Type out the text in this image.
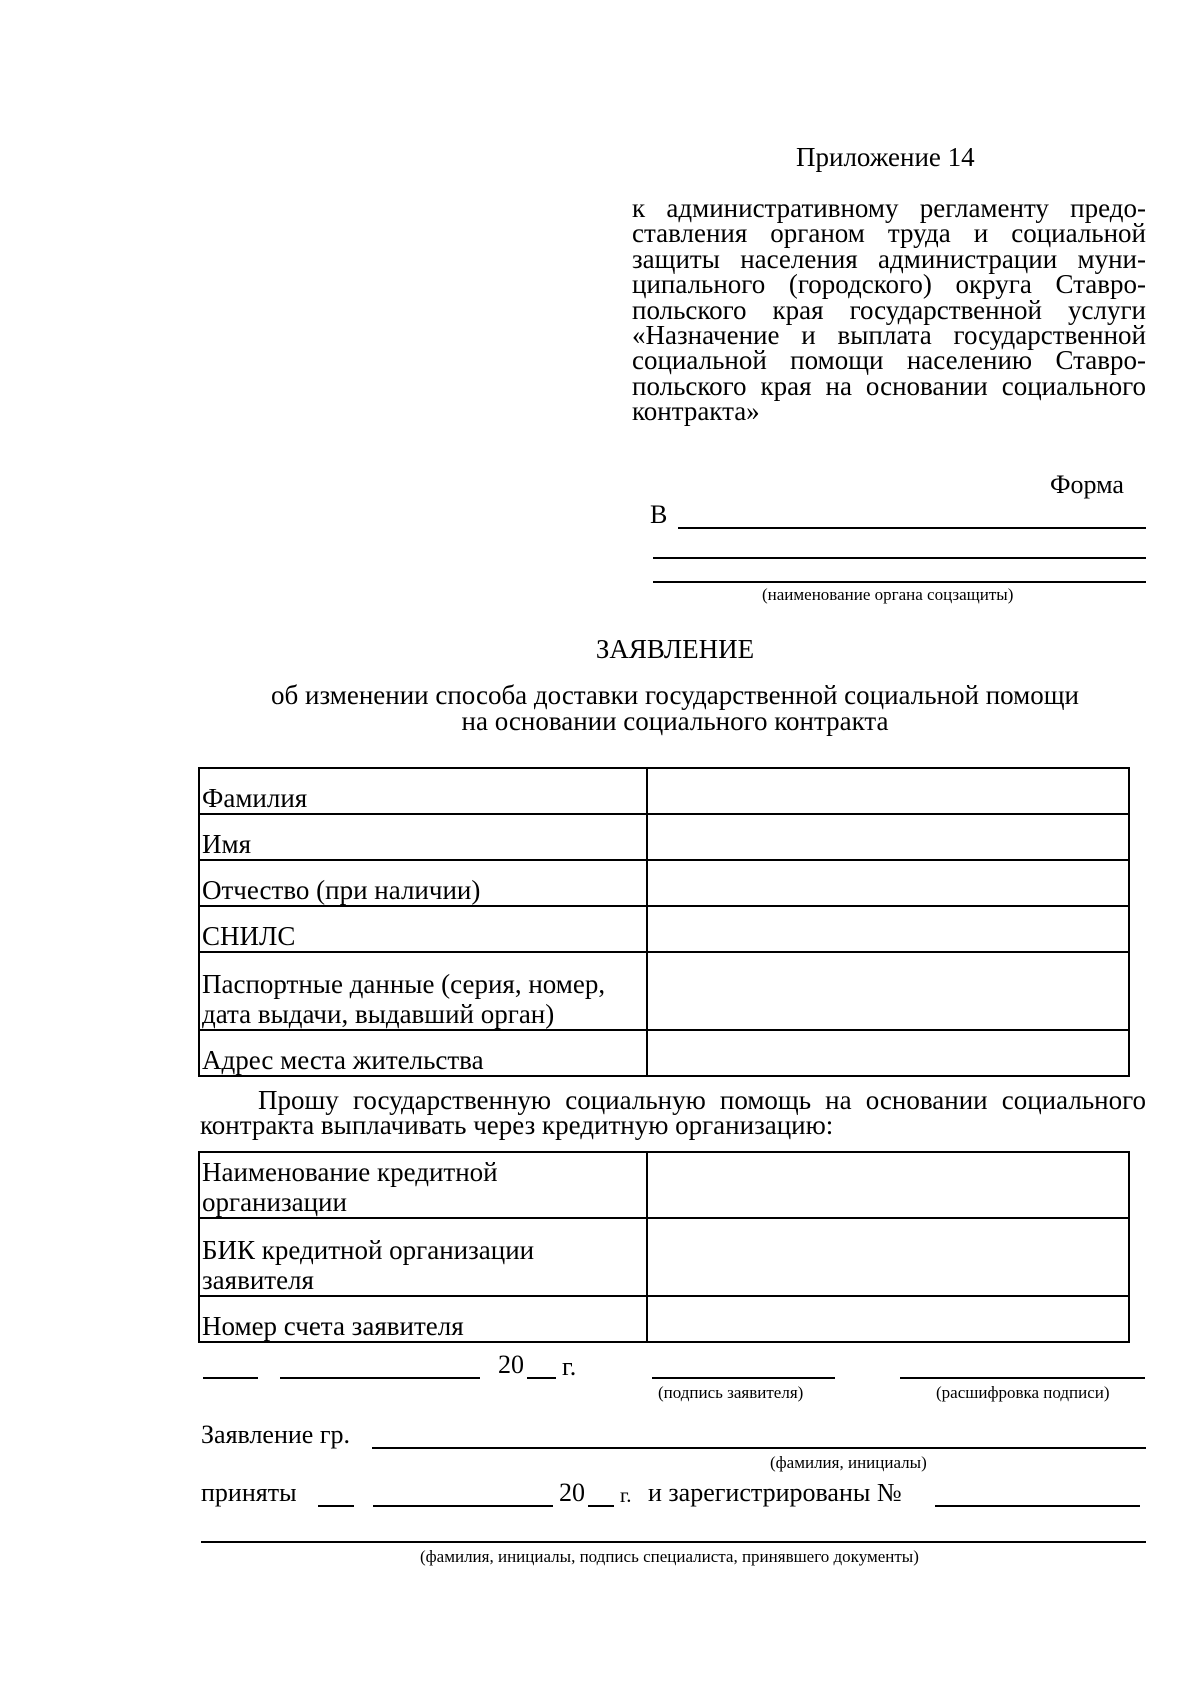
Приложение 14
к административному регламенту предо-
ставления органом труда и социальной
защиты населения администрации муни-
ципального (городского) округа Ставро-
польского края государственной услуги
«Назначение и выплата государственной
социальной помощи населению Ставро-
польского края на основании социального
контракта»
Форма
В
(наименование органа соцзащиты)
ЗАЯВЛЕНИЕ
об изменении способа доставки государственной социальной помощи
на основании социального контракта
Фамилия	
Имя	
Отчество (при наличии)	
СНИЛС	
Паспортные данные (серия, номер, дата выдачи, выдавший орган)	
Адрес места жительства	
Прошу государственную социальную помощь на основании социального
контракта выплачивать через кредитную организацию:
Наименование кредитной организации	
БИК кредитной организации заявителя	
Номер счета заявителя	
20 г.
(подпись заявителя)	(расшифровка подписи)
Заявление гр.
(фамилия, инициалы)
приняты	20 г. и зарегистрированы №
(фамилия, инициалы, подпись специалиста, принявшего документы)
